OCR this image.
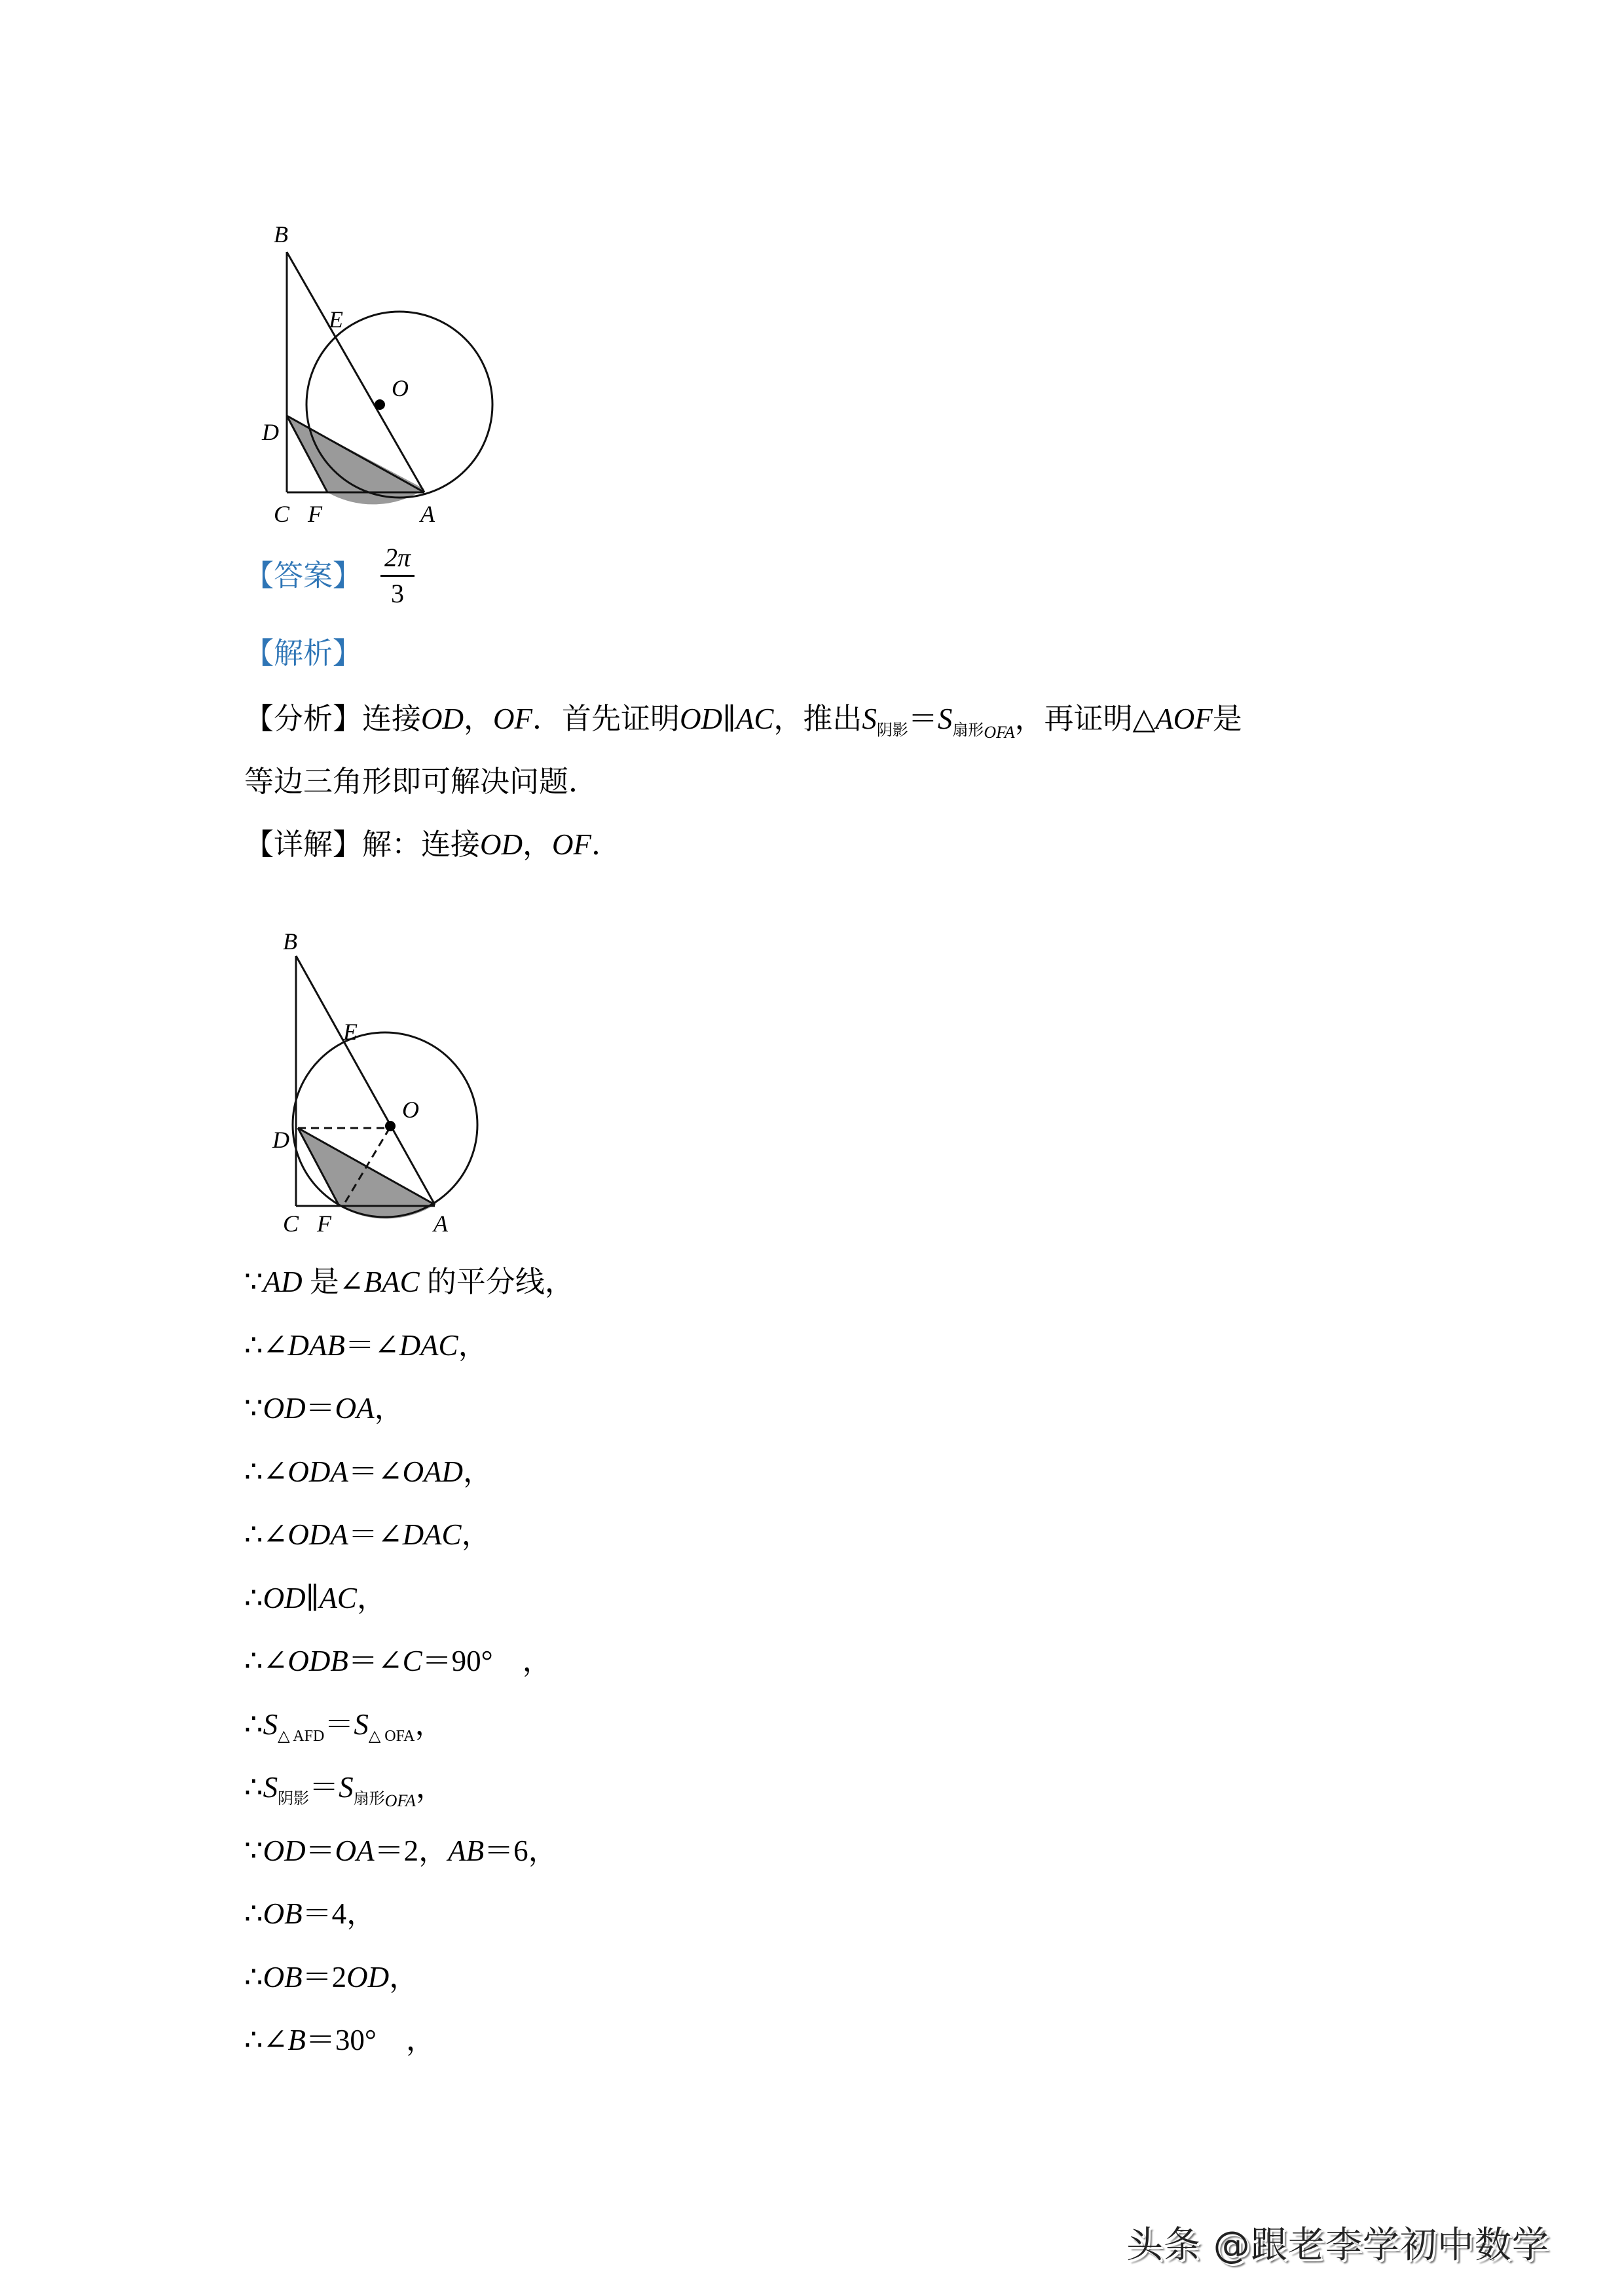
B
E
O
D
C F	A
【答案】 $\frac{2\pi}{3}$
【解析】
【分析】连接OD，OF．首先证明OD∥AC，推出$S_{阴影}=S_{扇形OFA}$，再证明△AOF是
等边三角形即可解决问题．
【详解】解：连接OD，OF．
B
E
O
D
C F	A
∵AD 是∠BAC 的平分线，
∴∠DAB＝∠DAC，
∵OD＝OA，
∴∠ODA＝∠OAD，
∴∠ODA＝∠DAC，
∴OD∥AC，
∴∠ODB＝∠C＝90°　，
$\therefore S_{\triangle AFD}=S_{\triangle OFA}$，
$\therefore S_{阴影}=S_{扇形OFA}$，
∵OD＝OA＝2，AB＝6，
∴OB＝4，
∴OB＝2OD，
∴∠B＝30°　，
头条 @跟老李学初中数学
